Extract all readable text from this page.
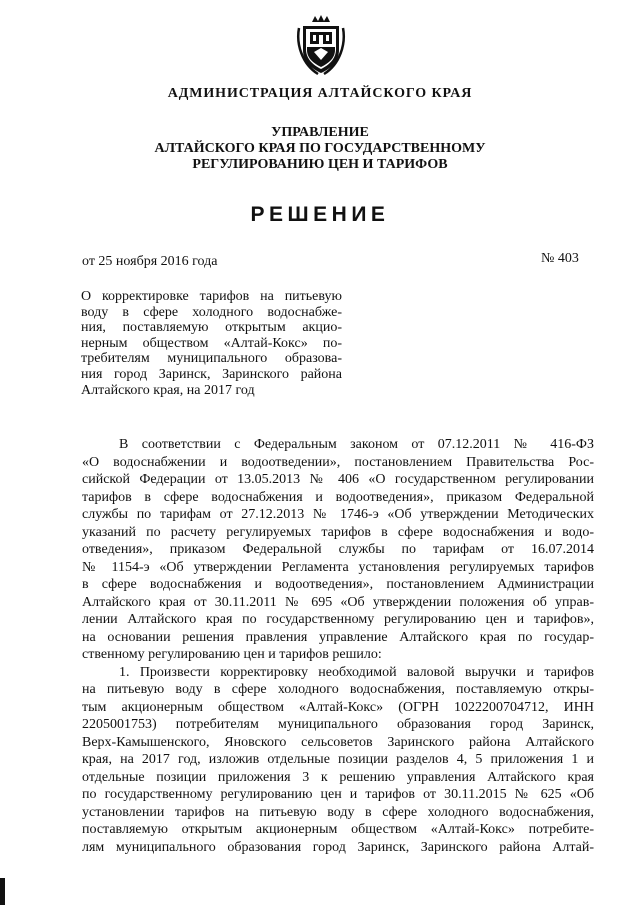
АДМИНИСТРАЦИЯ АЛТАЙСКОГО КРАЯ
УПРАВЛЕНИЕ
АЛТАЙСКОГО КРАЯ ПО ГОСУДАРСТВЕННОМУ
РЕГУЛИРОВАНИЮ ЦЕН И ТАРИФОВ
РЕШЕНИЕ
от 25 ноября 2016 года	№ 403
О корректировке тарифов на питьевую
воду в сфере холодного водоснабже-
ния, поставляемую открытым акцио-
нерным обществом «Алтай-Кокс» по-
требителям муниципального образова-
ния город Заринск, Заринского района
Алтайского края, на 2017 год
В соответствии с Федеральным законом от 07.12.2011 № 416-ФЗ
«О водоснабжении и водоотведении», постановлением Правительства Рос-
сийской Федерации от 13.05.2013 № 406 «О государственном регулировании
тарифов в сфере водоснабжения и водоотведения», приказом Федеральной
службы по тарифам от 27.12.2013 № 1746-э «Об утверждении Методических
указаний по расчету регулируемых тарифов в сфере водоснабжения и водо-
отведения», приказом Федеральной службы по тарифам от 16.07.2014
№ 1154-э «Об утверждении Регламента установления регулируемых тарифов
в сфере водоснабжения и водоотведения», постановлением Администрации
Алтайского края от 30.11.2011 № 695 «Об утверждении положения об управ-
лении Алтайского края по государственному регулированию цен и тарифов»,
на основании решения правления управление Алтайского края по государ-
ственному регулированию цен и тарифов решило:
1. Произвести корректировку необходимой валовой выручки и тарифов
на питьевую воду в сфере холодного водоснабжения, поставляемую откры-
тым акционерным обществом «Алтай-Кокс» (ОГРН 1022200704712, ИНН
2205001753) потребителям муниципального образования город Заринск,
Верх-Камышенского, Яновского сельсоветов Заринского района Алтайского
края, на 2017 год, изложив отдельные позиции разделов 4, 5 приложения 1 и
отдельные позиции приложения 3 к решению управления Алтайского края
по государственному регулированию цен и тарифов от 30.11.2015 № 625 «Об
установлении тарифов на питьевую воду в сфере холодного водоснабжения,
поставляемую открытым акционерным обществом «Алтай-Кокс» потребите-
лям муниципального образования город Заринск, Заринского района Алтай-
